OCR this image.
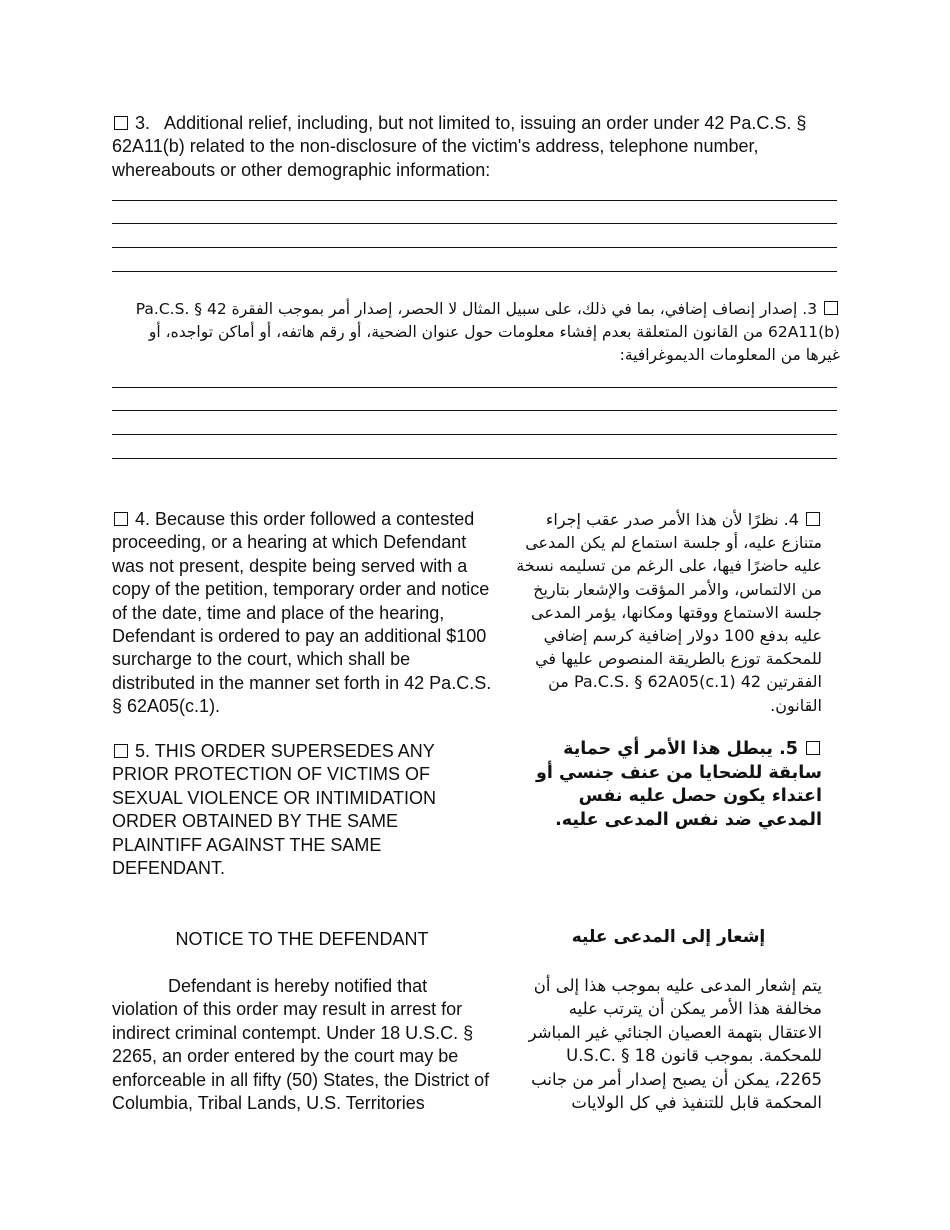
3. Additional relief, including, but not limited to, issuing an order under 42 Pa.C.S. § 62A11(b) related to the non-disclosure of the victim's address, telephone number, whereabouts or other demographic information:

3. إصدار إنصاف إضافي، بما في ذلك، على سبيل المثال لا الحصر، إصدار أمر بموجب الفقرة 42 Pa.C.S. § 62A11(b) من القانون المتعلقة بعدم إفشاء معلومات حول عنوان الضحية، أو رقم هاتفه، أو أماكن تواجده، أو غيرها من المعلومات الديموغرافية:

4. Because this order followed a contested proceeding, or a hearing at which Defendant was not present, despite being served with a copy of the petition, temporary order and notice of the date, time and place of the hearing, Defendant is ordered to pay an additional $100 surcharge to the court, which shall be distributed in the manner set forth in 42 Pa.C.S. § 62A05(c.1).

4. نظرًا لأن هذا الأمر صدر عقب إجراء متنازع عليه، أو جلسة استماع لم يكن المدعى عليه حاضرًا فيها، على الرغم من تسليمه نسخة من الالتماس، والأمر المؤقت والإشعار بتاريخ جلسة الاستماع ووقتها ومكانها، يؤمر المدعى عليه بدفع 100 دولار إضافية كرسم إضافي للمحكمة توزع بالطريقة المنصوص عليها في الفقرتين 42 Pa.C.S. § 62A05(c.1) من القانون.

5. THIS ORDER SUPERSEDES ANY PRIOR PROTECTION OF VICTIMS OF SEXUAL VIOLENCE OR INTIMIDATION ORDER OBTAINED BY THE SAME PLAINTIFF AGAINST THE SAME DEFENDANT.

5. يبطل هذا الأمر أي حماية سابقة للضحايا من عنف جنسي أو اعتداء يكون حصل عليه نفس المدعي ضد نفس المدعى عليه.

NOTICE TO THE DEFENDANT	إشعار إلى المدعى عليه

Defendant is hereby notified that violation of this order may result in arrest for indirect criminal contempt. Under 18 U.S.C. § 2265, an order entered by the court may be enforceable in all fifty (50) States, the District of Columbia, Tribal Lands, U.S. Territories

يتم إشعار المدعى عليه بموجب هذا إلى أن مخالفة هذا الأمر يمكن أن يترتب عليه الاعتقال بتهمة العصيان الجنائي غير المباشر للمحكمة. بموجب قانون 18 U.S.C. § 2265، يمكن أن يصبح إصدار أمر من جانب المحكمة قابل للتنفيذ في كل الولايات
